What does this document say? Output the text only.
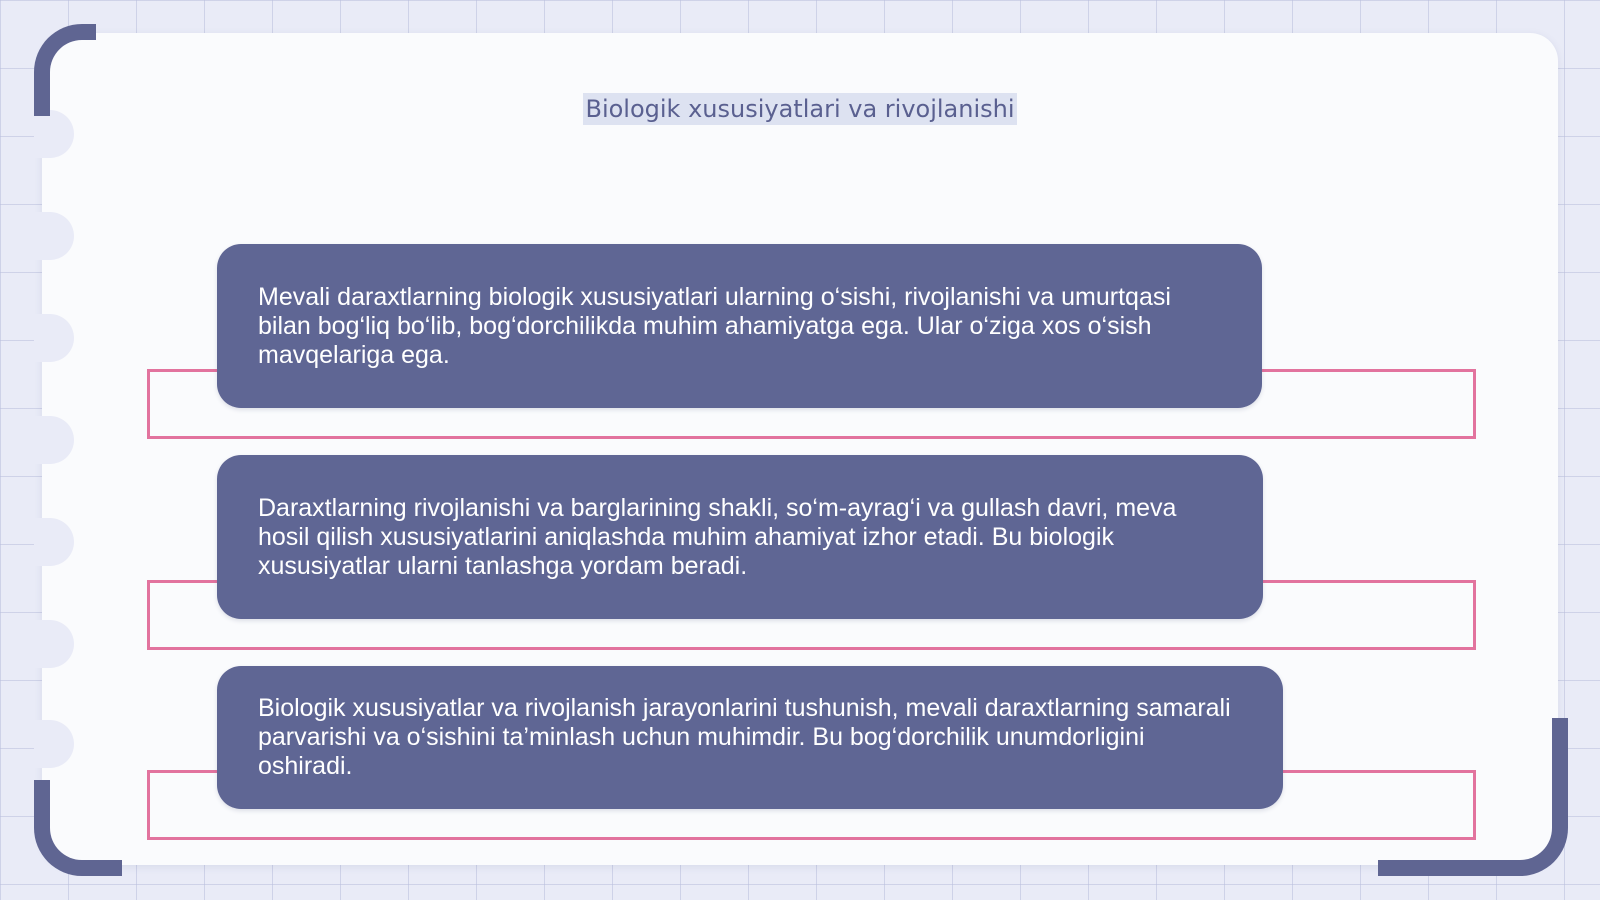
Biologik xususiyatlari va rivojlanishi

Mevali daraxtlarning biologik xususiyatlari ularning o‘sishi, rivojlanishi va umurtqasi bilan bog‘liq bo‘lib, bog‘dorchilikda muhim ahamiyatga ega. Ular o‘ziga xos o‘sish mavqelariga ega.

Daraxtlarning rivojlanishi va barglarining shakli, so‘m-ayrag‘i va gullash davri, meva hosil qilish xususiyatlarini aniqlashda muhim ahamiyat izhor etadi. Bu biologik xususiyatlar ularni tanlashga yordam beradi.

Biologik xususiyatlar va rivojlanish jarayonlarini tushunish, mevali daraxtlarning samarali parvarishi va o‘sishini ta’minlash uchun muhimdir. Bu bog‘dorchilik unumdorligini oshiradi.
